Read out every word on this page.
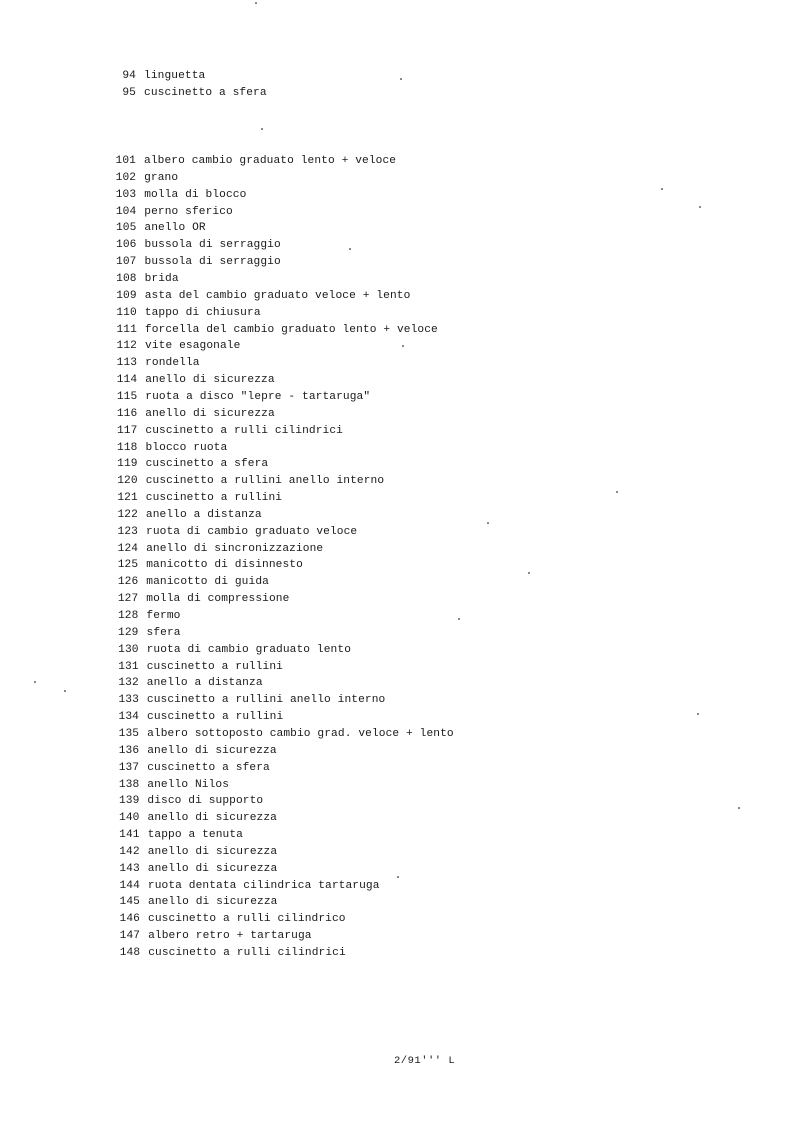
94 linguetta
95 cuscinetto a sfera
101 albero cambio graduato lento + veloce
102 grano
103 molla di blocco
104 perno sferico
105 anello OR
106 bussola di serraggio
107 bussola di serraggio
108 brida
109 asta del cambio graduato veloce + lento
110 tappo di chiusura
111 forcella del cambio graduato lento + veloce
112 vite esagonale
113 rondella
114 anello di sicurezza
115 ruota a disco "lepre - tartaruga"
116 anello di sicurezza
117 cuscinetto a rulli cilindrici
118 blocco ruota
119 cuscinetto a sfera
120 cuscinetto a rullini anello interno
121 cuscinetto a rullini
122 anello a distanza
123 ruota di cambio graduato veloce
124 anello di sincronizzazione
125 manicotto di disinnesto
126 manicotto di guida
127 molla di compressione
128 fermo
129 sfera
130 ruota di cambio graduato lento
131 cuscinetto a rullini
132 anello a distanza
133 cuscinetto a rullini anello interno
134 cuscinetto a rullini
135 albero sottoposto cambio grad. veloce + lento
136 anello di sicurezza
137 cuscinetto a sfera
138 anello Nilos
139 disco di supporto
140 anello di sicurezza
141 tappo a tenuta
142 anello di sicurezza
143 anello di sicurezza
144 ruota dentata cilindrica tartaruga
145 anello di sicurezza
146 cuscinetto a rulli cilindrico
147 albero retro + tartaruga
148 cuscinetto a rulli cilindrici
2/91''' L
